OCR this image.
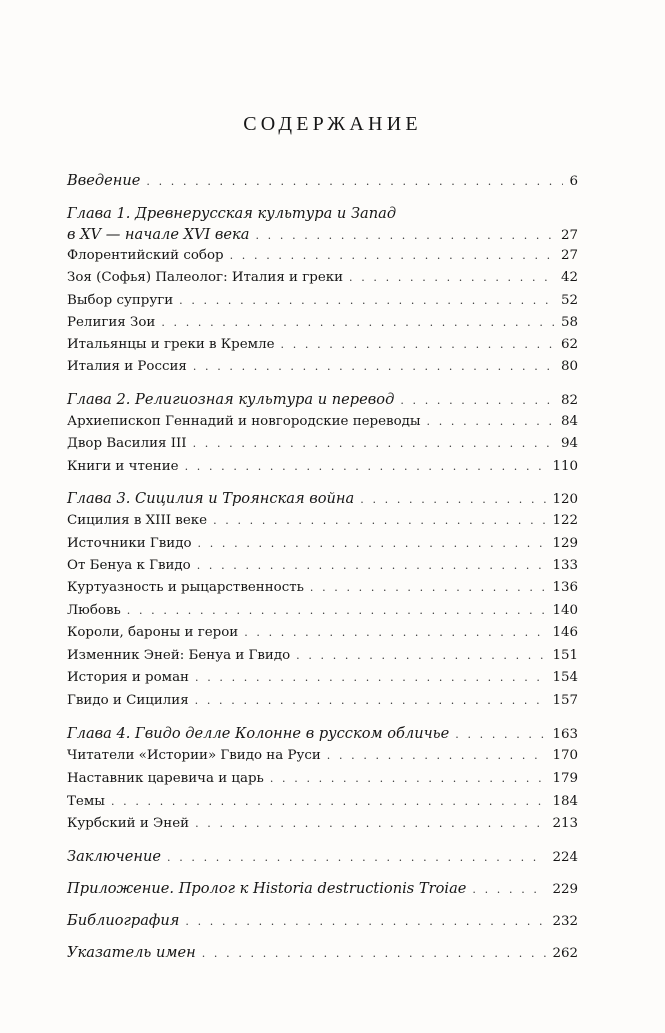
СОДЕРЖАНИЕ
Введение . . .	6
Глава 1. Древнерусская культура и Запад
в XV — начале XVI века . . .	27
Флорентийский собор . . .	27
Зоя (Софья) Палеолог: Италия и греки . . .	42
Выбор супруги . . .	52
Религия Зои . . .	58
Итальянцы и греки в Кремле . . .	62
Италия и Россия . . .	80
Глава 2. Религиозная культура и перевод . . .	82
Архиепископ Геннадий и новгородские переводы . . .	84
Двор Василия III . . .	94
Книги и чтение . . .	110
Глава 3. Сицилия и Троянская война . . .	120
Сицилия в XIII веке . . .	122
Источники Гвидо . . .	129
От Бенуа к Гвидо . . .	133
Куртуазность и рыцарственность . . .	136
Любовь . . .	140
Короли, бароны и герои . . .	146
Изменник Эней: Бенуа и Гвидо . . .	151
История и роман . . .	154
Гвидо и Сицилия . . .	157
Глава 4. Гвидо делле Колонне в русском обличье . . .	163
Читатели «Истории» Гвидо на Руси . . .	170
Наставник царевича и царь . . .	179
Темы . . .	184
Курбский и Эней . . .	213
Заключение . . .	224
Приложение. Пролог к Historia destructionis Troiae . . .	229
Библиография . . .	232
Указатель имен . . .	262
